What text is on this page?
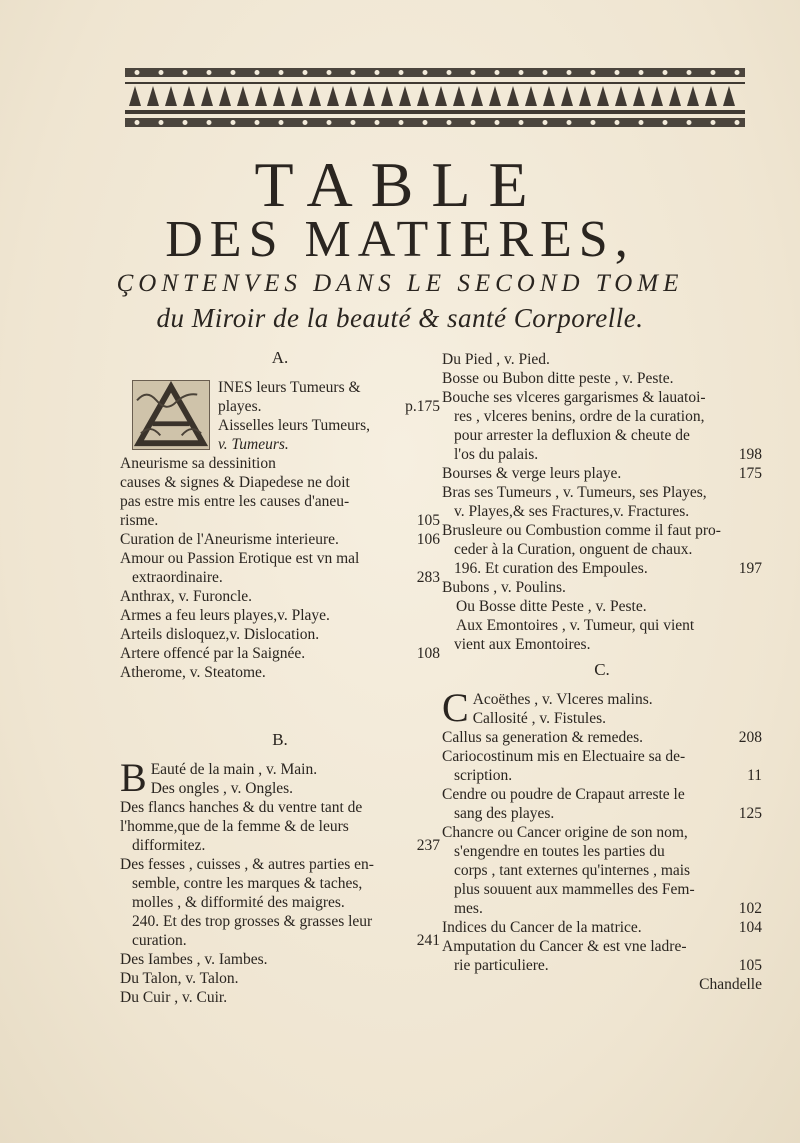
TABLE
DES MATIERES,
ÇONTENVES DANS LE SECOND TOME
du Miroir de la beauté & santé Corporelle.
A.
INES leurs Tumeurs &
playes.	p.175
Aisselles leurs Tumeurs,
v. Tumeurs.
Aneurisme sa dessinition
causes & signes & Diapedese ne doit
pas estre mis entre les causes d'aneu-
risme.	105
Curation de l'Aneurisme interieure.	106
Amour ou Passion Erotique est vn mal
extraordinaire.	283
Anthrax, v. Furoncle.
Armes a feu leurs playes,v. Playe.
Arteils disloquez,v. Dislocation.
Artere offencé par la Saignée.	108
Atherome, v. Steatome.
B.
B Eauté de la main , v. Main.
Des ongles , v. Ongles.
Des flancs hanches & du ventre tant de
l'homme,que de la femme & de leurs
difformitez.	237
Des fesses , cuisses , & autres parties en-
semble, contre les marques & taches,
molles , & difformité des maigres.
240. Et des trop grosses & grasses leur
curation.	241
Des Iambes , v. Iambes.
Du Talon, v. Talon.
Du Cuir , v. Cuir.
Du Pied , v. Pied.
Bosse ou Bubon ditte peste , v. Peste.
Bouche ses vlceres gargarismes & lauatoi-
res , vlceres benins, ordre de la curation,
pour arrester la defluxion & cheute de
l'os du palais.	198
Bourses & verge leurs playe.	175
Bras ses Tumeurs , v. Tumeurs, ses Playes,
v. Playes,& ses Fractures,v. Fractures.
Brusleure ou Combustion comme il faut pro-
ceder à la Curation, onguent de chaux.
196. Et curation des Empoules.	197
Bubons , v. Poulins.
Ou Bosse ditte Peste , v. Peste.
Aux Emontoires , v. Tumeur, qui vient
vient aux Emontoires.
C.
C Acoëthes , v. Vlceres malins.
Callosité , v. Fistules.
Callus sa generation & remedes.	208
Cariocostinum mis en Electuaire sa de-
scription.	11
Cendre ou poudre de Crapaut arreste le
sang des playes.	125
Chancre ou Cancer origine de son nom,
s'engendre en toutes les parties du
corps , tant externes qu'internes , mais
plus souuent aux mammelles des Fem-
mes.	102
Indices du Cancer de la matrice.	104
Amputation du Cancer & est vne ladre-
rie particuliere.	105
Chandelle
